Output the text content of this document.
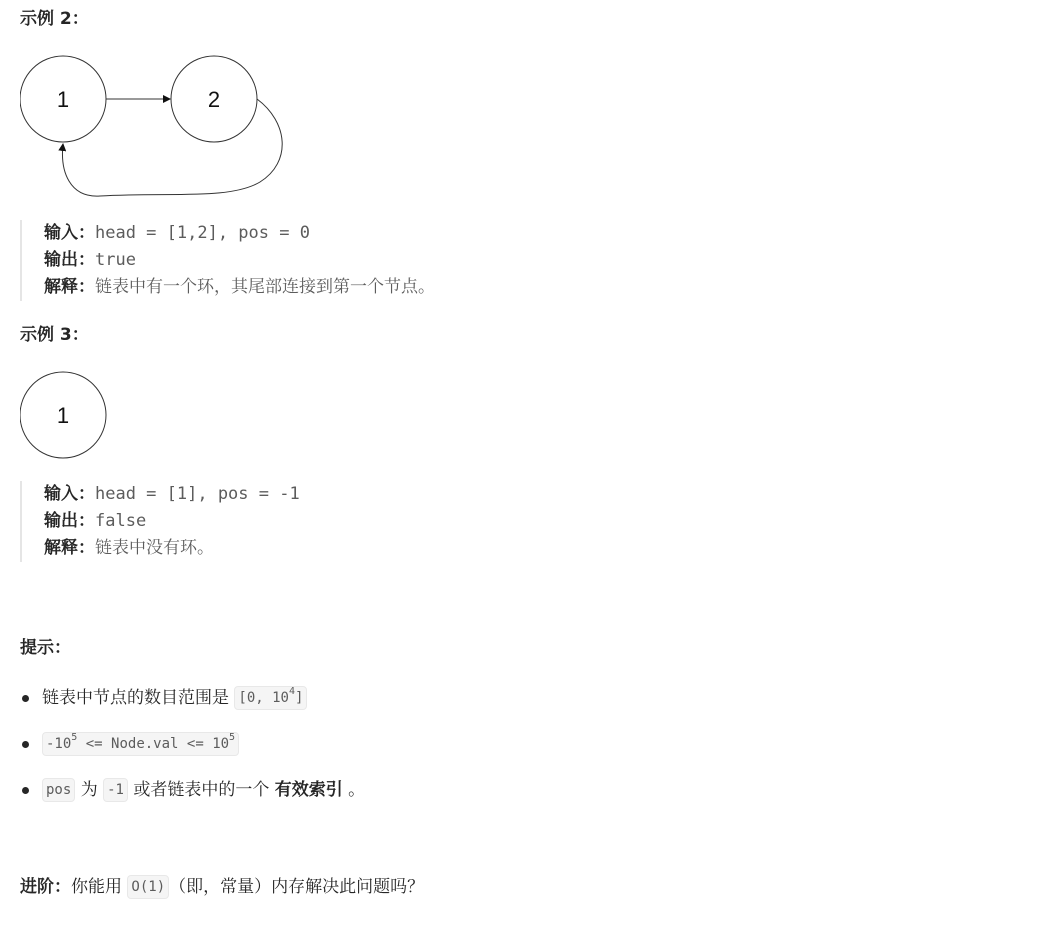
示例 2：
1	2
输入：head = [1,2], pos = 0
输出：true
解释：链表中有一个环，其尾部连接到第一个节点。
示例 3：
1
输入：head = [1], pos = -1
输出：false
解释：链表中没有环。
提示：
链表中节点的数目范围是 [0, $10^4$]
$-10^5$ <= Node.val <= $10^5$
pos 为 -1 或者链表中的一个 有效索引 。
进阶：你能用 O(1) （即，常量）内存解决此问题吗？
